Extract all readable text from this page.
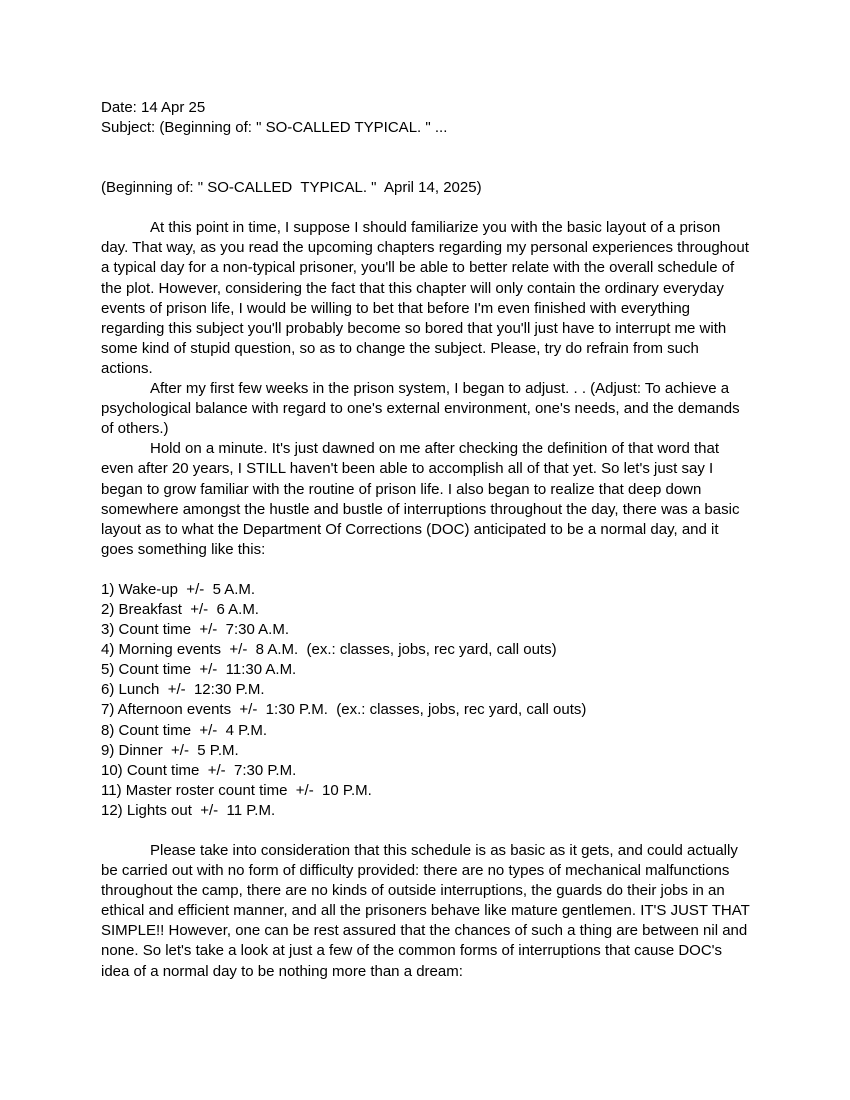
Date: 14 Apr 25

Subject: (Beginning of: " SO-CALLED TYPICAL. " ...

(Beginning of: " SO-CALLED  TYPICAL. "  April 14, 2025)

At this point in time, I suppose I should familiarize you with the basic layout of a prison day. That way, as you read the upcoming chapters regarding my personal experiences throughout a typical day for a non-typical prisoner, you'll be able to better relate with the overall schedule of the plot. However, considering the fact that this chapter will only contain the ordinary everyday events of prison life, I would be willing to bet that before I'm even finished with everything regarding this subject you'll probably become so bored that you'll just have to interrupt me with some kind of stupid question, so as to change the subject. Please, try do refrain from such actions.

After my first few weeks in the prison system, I began to adjust. . . (Adjust: To achieve a psychological balance with regard to one's external environment, one's needs, and the demands of others.)

Hold on a minute. It's just dawned on me after checking the definition of that word that even after 20 years, I STILL haven't been able to accomplish all of that yet. So let's just say I began to grow familiar with the routine of prison life. I also began to realize that deep down somewhere amongst the hustle and bustle of interruptions throughout the day, there was a basic layout as to what the Department Of Corrections (DOC) anticipated to be a normal day, and it goes something like this:

1) Wake-up  +/-  5 A.M.
2) Breakfast  +/-  6 A.M.
3) Count time  +/-  7:30 A.M.
4) Morning events  +/-  8 A.M.  (ex.: classes, jobs, rec yard, call outs)
5) Count time  +/-  11:30 A.M.
6) Lunch  +/-  12:30 P.M.
7) Afternoon events  +/-  1:30 P.M.  (ex.: classes, jobs, rec yard, call outs)
8) Count time  +/-  4 P.M.
9) Dinner  +/-  5 P.M.
10) Count time  +/-  7:30 P.M.
11) Master roster count time  +/-  10 P.M.
12) Lights out  +/-  11 P.M.

Please take into consideration that this schedule is as basic as it gets, and could actually be carried out with no form of difficulty provided: there are no types of mechanical malfunctions throughout the camp, there are no kinds of outside interruptions, the guards do their jobs in an ethical and efficient manner, and all the prisoners behave like mature gentlemen. IT'S JUST THAT SIMPLE!! However, one can be rest assured that the chances of such a thing are between nil and none. So let's take a look at just a few of the common forms of interruptions that cause DOC's idea of a normal day to be nothing more than a dream:
